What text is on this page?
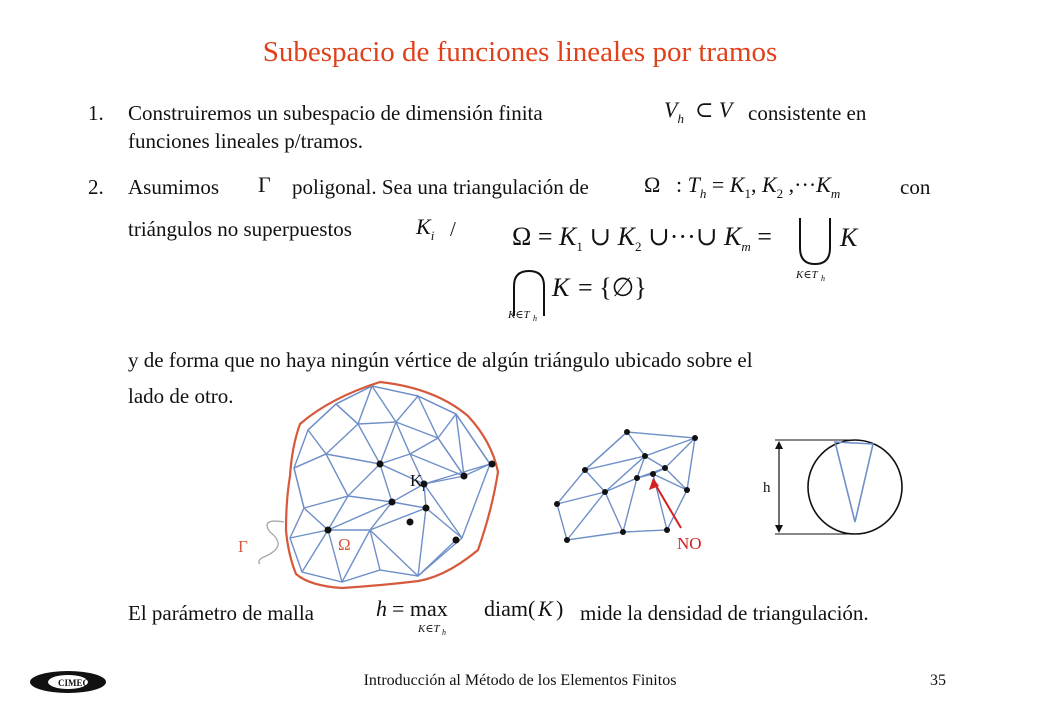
Subespacio de funciones lineales por tramos
1. Construiremos un subespacio de dimensión finita	$V_h$ ⊂ V consistente en
funciones lineales p/tramos.
2. Asumimos Γ poligonal. Sea una triangulación de	Ω : $T_h = K_1$, $K_2$ $,\cdot\cdot\cdot K_m$	con
triángulos no superpuestos	$K_i / \Omega = K_1$ ∪ $K_2$ ∪···∪ $K_m$ =	K
K∈T h
K∈T h
K = {∅}
y de forma que no haya ningún vértice de algún triángulo ubicado sobre el
lado de otro.
K i
Ω
Γ	NO
h
El parámetro de malla	h = max
K∈T h
diam( K ) mide la densidad de triangulación.
CIMEC	Introducción al Método de los Elementos Finitos	35
